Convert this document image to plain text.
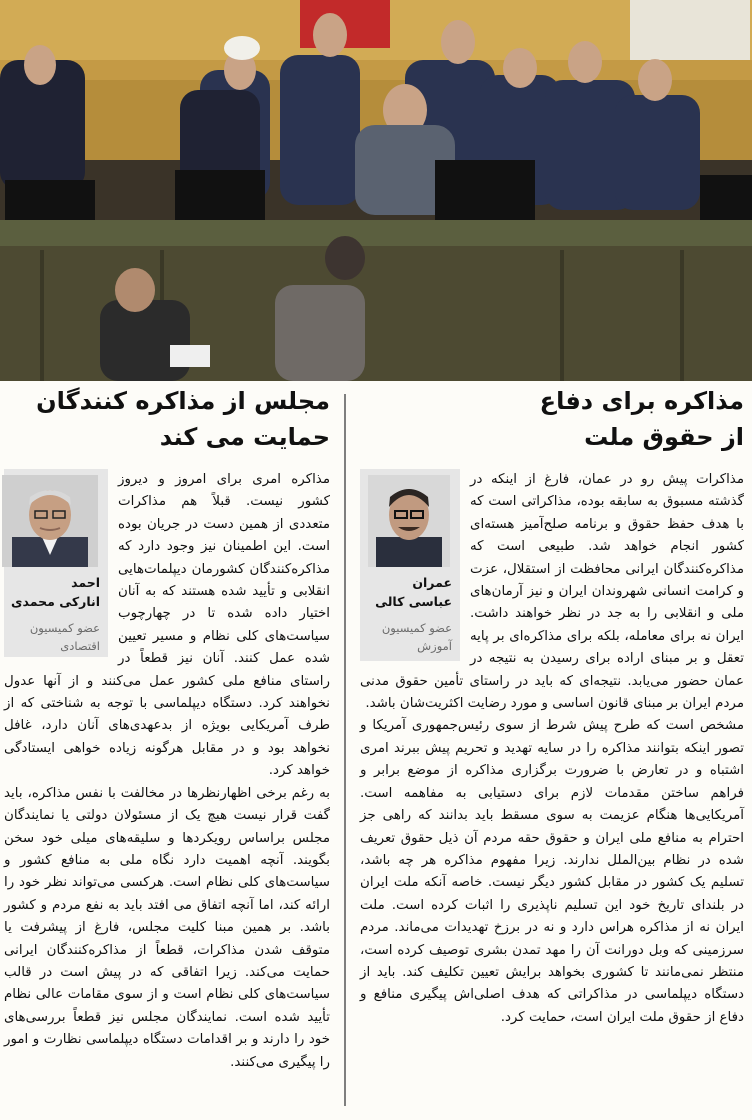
مذاکره برای دفاع
از حقوق ملت
عمران
عباسی کالی
عضو کمیسیون
آموزش

مذاکرات پیش رو در عمان، فارغ از اینکه در گذشته مسبوق به سابقه بوده، مذاکراتی است که با هدف حفظ حقوق و برنامه صلح‌آمیز هسته‌ای کشور انجام خواهد شد. طبیعی است که مذاکره‌کنندگان ایرانی محافظت از استقلال، عزت و کرامت انسانی شهروندان ایران و نیز آرمان‌های ملی و انقلابی را به جد در نظر خواهند داشت. ایران نه برای معامله، بلکه برای مذاکره‌ای بر پایه تعقل و بر مبنای اراده برای رسیدن به نتیجه در عمان حضور می‌یابد. نتیجه‌ای که باید در راستای تأمین حقوق مدنی مردم ایران بر مبنای قانون اساسی و مورد رضایت اکثریت‌شان باشد.

مشخص است که طرح پیش شرط از سوی رئیس‌جمهوری آمریکا و تصور اینکه بتوانند مذاکره را در سایه تهدید و تحریم پیش ببرند امری اشتباه و در تعارض با ضرورت برگزاری مذاکره از موضع برابر و فراهم ساختن مقدمات لازم برای دستیابی به مفاهمه است. آمریکایی‌ها هنگام عزیمت به سوی مسقط باید بدانند که راهی جز احترام به منافع ملی ایران و حقوق حقه مردم آن ذیل حقوق تعریف شده در نظام بین‌الملل ندارند. زیرا مفهوم مذاکره هر چه باشد، تسلیم یک کشور در مقابل کشور دیگر نیست. خاصه آنکه ملت ایران در بلندای تاریخ خود این تسلیم ناپذیری را اثبات کرده است. ملت ایران نه از مذاکره هراس دارد و نه در برزخ تهدیدات می‌ماند. مردم سرزمینی که وبل دورانت آن را مهد تمدن بشری توصیف کرده است، منتظر نمی‌مانند تا کشوری بخواهد برایش تعیین تکلیف کند. باید از دستگاه دیپلماسی در مذاکراتی که هدف اصلی‌اش پیگیری منافع و دفاع از حقوق ملت ایران است، حمایت کرد.

مجلس از مذاکره کنندگان
حمایت می کند
احمد
انارکی محمدی
عضو کمیسیون
اقتصادی

مذاکره امری برای امروز و دیروز کشور نیست. قبلاً هم مذاکرات متعددی از همین دست در جریان بوده است. این اطمینان نیز وجود دارد که مذاکره‌کنندگان کشورمان دیپلمات‌هایی انقلابی و تأیید شده هستند که به آنان اختیار داده شده تا در چهارچوب سیاست‌های کلی نظام و مسیر تعیین شده عمل کنند. آنان نیز قطعاً در راستای منافع ملی کشور عمل می‌کنند و از آنها عدول نخواهند کرد. دستگاه دیپلماسی با توجه به شناختی که از طرف آمریکایی بویژه از بدعهدی‌های آنان دارد، غافل نخواهد بود و در مقابل هرگونه زیاده خواهی ایستادگی خواهد کرد.

به رغم برخی اظهارنظرها در مخالفت با نفس مذاکره، باید گفت قرار نیست هیچ یک از مسئولان دولتی یا نمایندگان مجلس براساس رویکردها و سلیقه‌های میلی خود سخن بگویند. آنچه اهمیت دارد نگاه ملی به منافع کشور و سیاست‌های کلی نظام است. هرکسی می‌تواند نظر خود را ارائه کند، اما آنچه اتفاق می افتد باید به نفع مردم و کشور باشد. بر همین مبنا کلیت مجلس، فارغ از پیشرفت یا متوقف شدن مذاکرات، قطعاً از مذاکره‌کنندگان ایرانی حمایت می‌کند. زیرا اتفاقی که در پیش است در قالب سیاست‌های کلی نظام است و از سوی مقامات عالی نظام تأیید شده است. نمایندگان مجلس نیز قطعاً بررسی‌های خود را دارند و بر اقدامات دستگاه دیپلماسی نظارت و امور را پیگیری می‌کنند.
